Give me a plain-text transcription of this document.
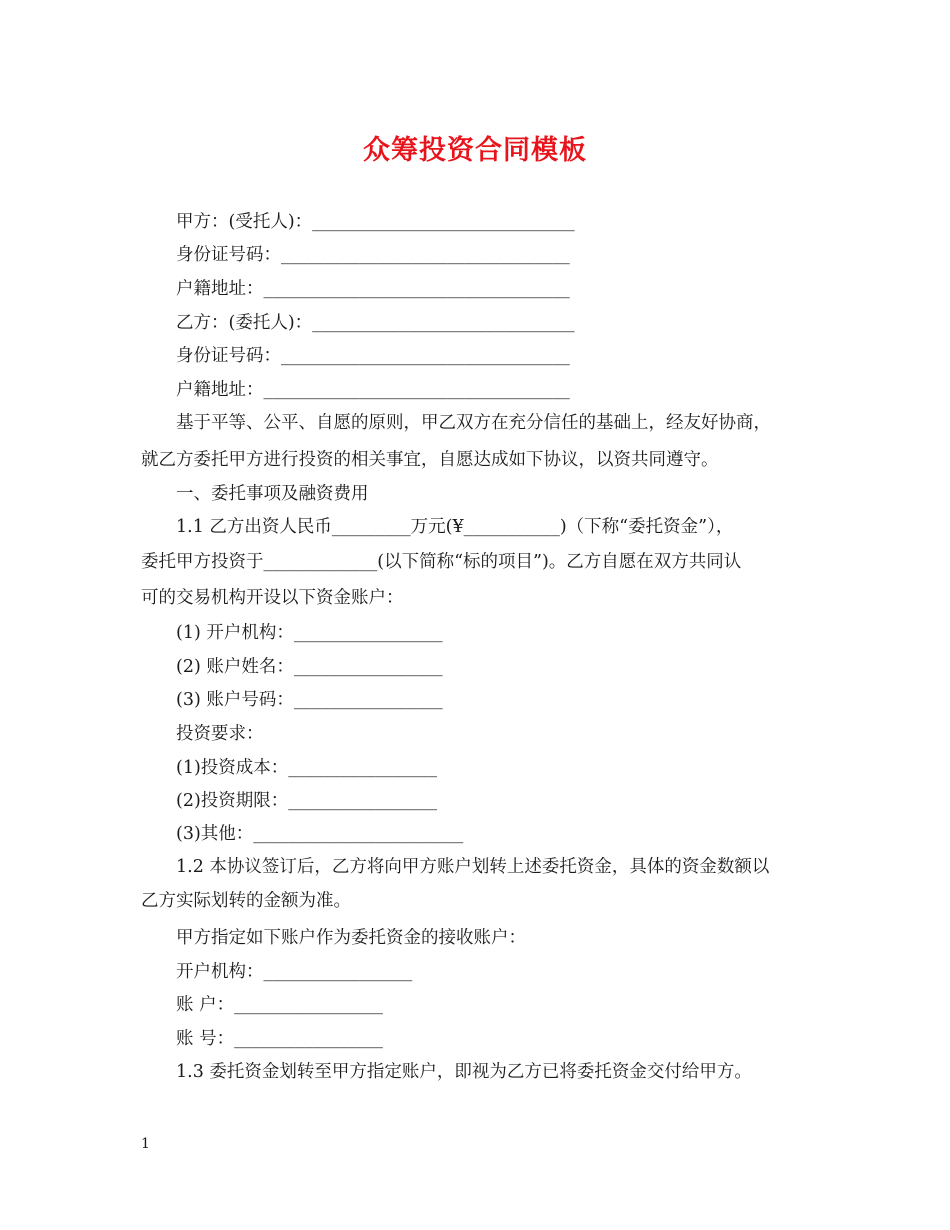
众筹投资合同模板
甲方：(受托人)：______________________________
身份证号码：_________________________________
户籍地址：___________________________________
乙方：(委托人)：______________________________
身份证号码：_________________________________
户籍地址：___________________________________
基于平等、公平、自愿的原则，甲乙双方在充分信任的基础上，经友好协商，
就乙方委托甲方进行投资的相关事宜，自愿达成如下协议，以资共同遵守。
一、委托事项及融资费用
1.1 乙方出资人民币_________万元(¥___________)（下称“委托资金”），
委托甲方投资于_____________(以下简称“标的项目”)。乙方自愿在双方共同认
可的交易机构开设以下资金账户：
(1) 开户机构：_________________
(2) 账户姓名：_________________
(3) 账户号码：_________________
投资要求：
(1)投资成本：_________________
(2)投资期限：_________________
(3)其他：________________________
1.2 本协议签订后，乙方将向甲方账户划转上述委托资金，具体的资金数额以
乙方实际划转的金额为准。
甲方指定如下账户作为委托资金的接收账户：
开户机构：_________________
账 户：_________________
账 号：_________________
1.3 委托资金划转至甲方指定账户，即视为乙方已将委托资金交付给甲方。
1
